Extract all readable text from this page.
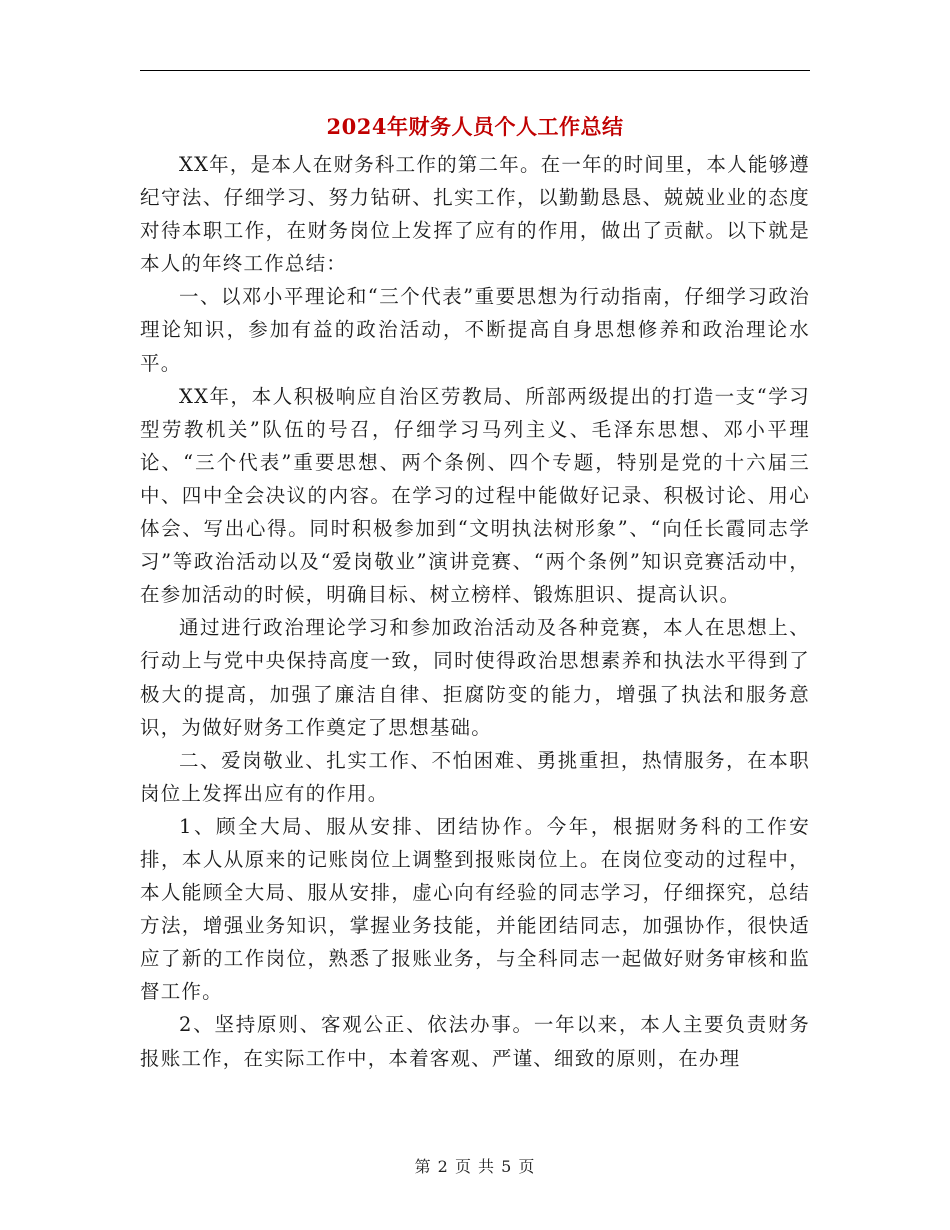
2024年财务人员个人工作总结

XX年，是本人在财务科工作的第二年。在一年的时间里，本人能够遵纪守法、仔细学习、努力钻研、扎实工作，以勤勤恳恳、兢兢业业的态度对待本职工作，在财务岗位上发挥了应有的作用，做出了贡献。以下就是本人的年终工作总结：

一、以邓小平理论和“三个代表”重要思想为行动指南，仔细学习政治理论知识，参加有益的政治活动，不断提高自身思想修养和政治理论水平。

XX年，本人积极响应自治区劳教局、所部两级提出的打造一支“学习型劳教机关”队伍的号召，仔细学习马列主义、毛泽东思想、邓小平理论、“三个代表”重要思想、两个条例、四个专题，特别是党的十六届三中、四中全会决议的内容。在学习的过程中能做好记录、积极讨论、用心体会、写出心得。同时积极参加到“文明执法树形象”、“向任长霞同志学习”等政治活动以及“爱岗敬业”演讲竞赛、“两个条例”知识竞赛活动中，在参加活动的时候，明确目标、树立榜样、锻炼胆识、提高认识。

通过进行政治理论学习和参加政治活动及各种竞赛，本人在思想上、行动上与党中央保持高度一致，同时使得政治思想素养和执法水平得到了极大的提高，加强了廉洁自律、拒腐防变的能力，增强了执法和服务意识，为做好财务工作奠定了思想基础。

二、爱岗敬业、扎实工作、不怕困难、勇挑重担，热情服务，在本职岗位上发挥出应有的作用。

1、顾全大局、服从安排、团结协作。今年，根据财务科的工作安排，本人从原来的记账岗位上调整到报账岗位上。在岗位变动的过程中，本人能顾全大局、服从安排，虚心向有经验的同志学习，仔细探究，总结方法，增强业务知识，掌握业务技能，并能团结同志，加强协作，很快适应了新的工作岗位，熟悉了报账业务，与全科同志一起做好财务审核和监督工作。

2、坚持原则、客观公正、依法办事。一年以来，本人主要负责财务报账工作，在实际工作中，本着客观、严谨、细致的原则，在办理

第 2 页 共 5 页
